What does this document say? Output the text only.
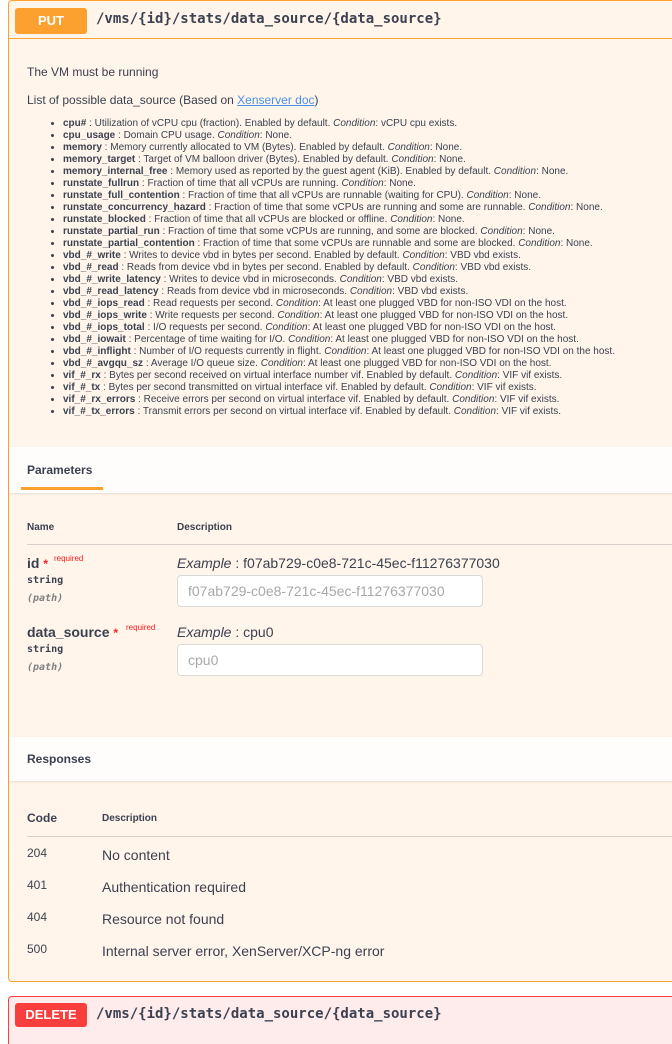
PUT	/vms/{id}/stats/data_source/{data_source}

The VM must be running

List of possible data_source (Based on Xenserver doc)

• cpu# : Utilization of vCPU cpu (fraction). Enabled by default. Condition: vCPU cpu exists.
• cpu_usage : Domain CPU usage. Condition: None.
• memory : Memory currently allocated to VM (Bytes). Enabled by default. Condition: None.
• memory_target : Target of VM balloon driver (Bytes). Enabled by default. Condition: None.
• memory_internal_free : Memory used as reported by the guest agent (KiB). Enabled by default. Condition: None.
• runstate_fullrun : Fraction of time that all vCPUs are running. Condition: None.
• runstate_full_contention : Fraction of time that all vCPUs are runnable (waiting for CPU). Condition: None.
• runstate_concurrency_hazard : Fraction of time that some vCPUs are running and some are runnable. Condition: None.
• runstate_blocked : Fraction of time that all vCPUs are blocked or offline. Condition: None.
• runstate_partial_run : Fraction of time that some vCPUs are running, and some are blocked. Condition: None.
• runstate_partial_contention : Fraction of time that some vCPUs are runnable and some are blocked. Condition: None.
• vbd_#_write : Writes to device vbd in bytes per second. Enabled by default. Condition: VBD vbd exists.
• vbd_#_read : Reads from device vbd in bytes per second. Enabled by default. Condition: VBD vbd exists.
• vbd_#_write_latency : Writes to device vbd in microseconds. Condition: VBD vbd exists.
• vbd_#_read_latency : Reads from device vbd in microseconds. Condition: VBD vbd exists.
• vbd_#_iops_read : Read requests per second. Condition: At least one plugged VBD for non-ISO VDI on the host.
• vbd_#_iops_write : Write requests per second. Condition: At least one plugged VBD for non-ISO VDI on the host.
• vbd_#_iops_total : I/O requests per second. Condition: At least one plugged VBD for non-ISO VDI on the host.
• vbd_#_iowait : Percentage of time waiting for I/O. Condition: At least one plugged VBD for non-ISO VDI on the host.
• vbd_#_inflight : Number of I/O requests currently in flight. Condition: At least one plugged VBD for non-ISO VDI on the host.
• vbd_#_avgqu_sz : Average I/O queue size. Condition: At least one plugged VBD for non-ISO VDI on the host.
• vif_#_rx : Bytes per second received on virtual interface number vif. Enabled by default. Condition: VIF vif exists.
• vif_#_tx : Bytes per second transmitted on virtual interface vif. Enabled by default. Condition: VIF vif exists.
• vif_#_rx_errors : Receive errors per second on virtual interface vif. Enabled by default. Condition: VIF vif exists.
• vif_#_tx_errors : Transmit errors per second on virtual interface vif. Enabled by default. Condition: VIF vif exists.
Parameters
Name	Description
id * required
string
(path)
Example : f07ab729-c0e8-721c-45ec-f11276377030
f07ab729-c0e8-721c-45ec-f11276377030
data_source * required
string
(path)
Example : cpu0
cpu0
Responses
Code	Description
204	No content
401	Authentication required
404	Resource not found
500	Internal server error, XenServer/XCP-ng error
DELETE	/vms/{id}/stats/data_source/{data_source}
